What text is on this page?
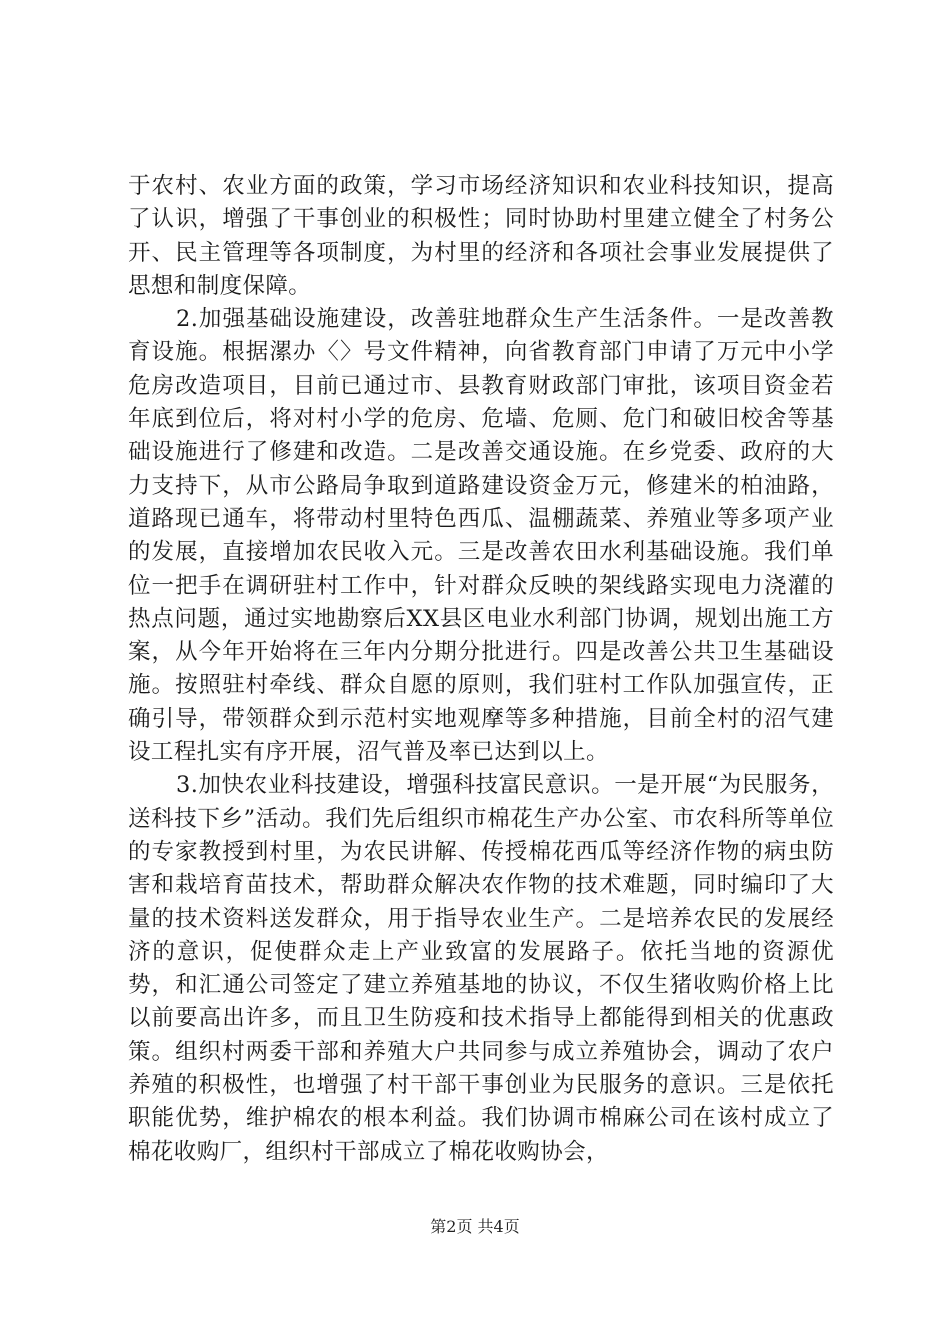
于农村、农业方面的政策，学习市场经济知识和农业科技知识，提高了认识，增强了干事创业的积极性；同时协助村里建立健全了村务公开、民主管理等各项制度，为村里的经济和各项社会事业发展提供了思想和制度保障。

2.加强基础设施建设，改善驻地群众生产生活条件。一是改善教育设施。根据漯办〈〉号文件精神，向省教育部门申请了万元中小学危房改造项目，目前已通过市、县教育财政部门审批，该项目资金若年底到位后，将对村小学的危房、危墙、危厕、危门和破旧校舍等基础设施进行了修建和改造。二是改善交通设施。在乡党委、政府的大力支持下，从市公路局争取到道路建设资金万元，修建米的柏油路，道路现已通车，将带动村里特色西瓜、温棚蔬菜、养殖业等多项产业的发展，直接增加农民收入元。三是改善农田水利基础设施。我们单位一把手在调研驻村工作中，针对群众反映的架线路实现电力浇灌的热点问题，通过实地勘察后XX县区电业水利部门协调，规划出施工方案，从今年开始将在三年内分期分批进行。四是改善公共卫生基础设施。按照驻村牵线、群众自愿的原则，我们驻村工作队加强宣传，正确引导，带领群众到示范村实地观摩等多种措施，目前全村的沼气建设工程扎实有序开展，沼气普及率已达到以上。

3.加快农业科技建设，增强科技富民意识。一是开展“为民服务，送科技下乡”活动。我们先后组织市棉花生产办公室、市农科所等单位的专家教授到村里，为农民讲解、传授棉花西瓜等经济作物的病虫防害和栽培育苗技术，帮助群众解决农作物的技术难题，同时编印了大量的技术资料送发群众，用于指导农业生产。二是培养农民的发展经济的意识，促使群众走上产业致富的发展路子。依托当地的资源优势，和汇通公司签定了建立养殖基地的协议，不仅生猪收购价格上比以前要高出许多，而且卫生防疫和技术指导上都能得到相关的优惠政策。组织村两委干部和养殖大户共同参与成立养殖协会，调动了农户养殖的积极性，也增强了村干部干事创业为民服务的意识。三是依托职能优势，维护棉农的根本利益。我们协调市棉麻公司在该村成立了棉花收购厂，组织村干部成立了棉花收购协会，

第2页 共4页
